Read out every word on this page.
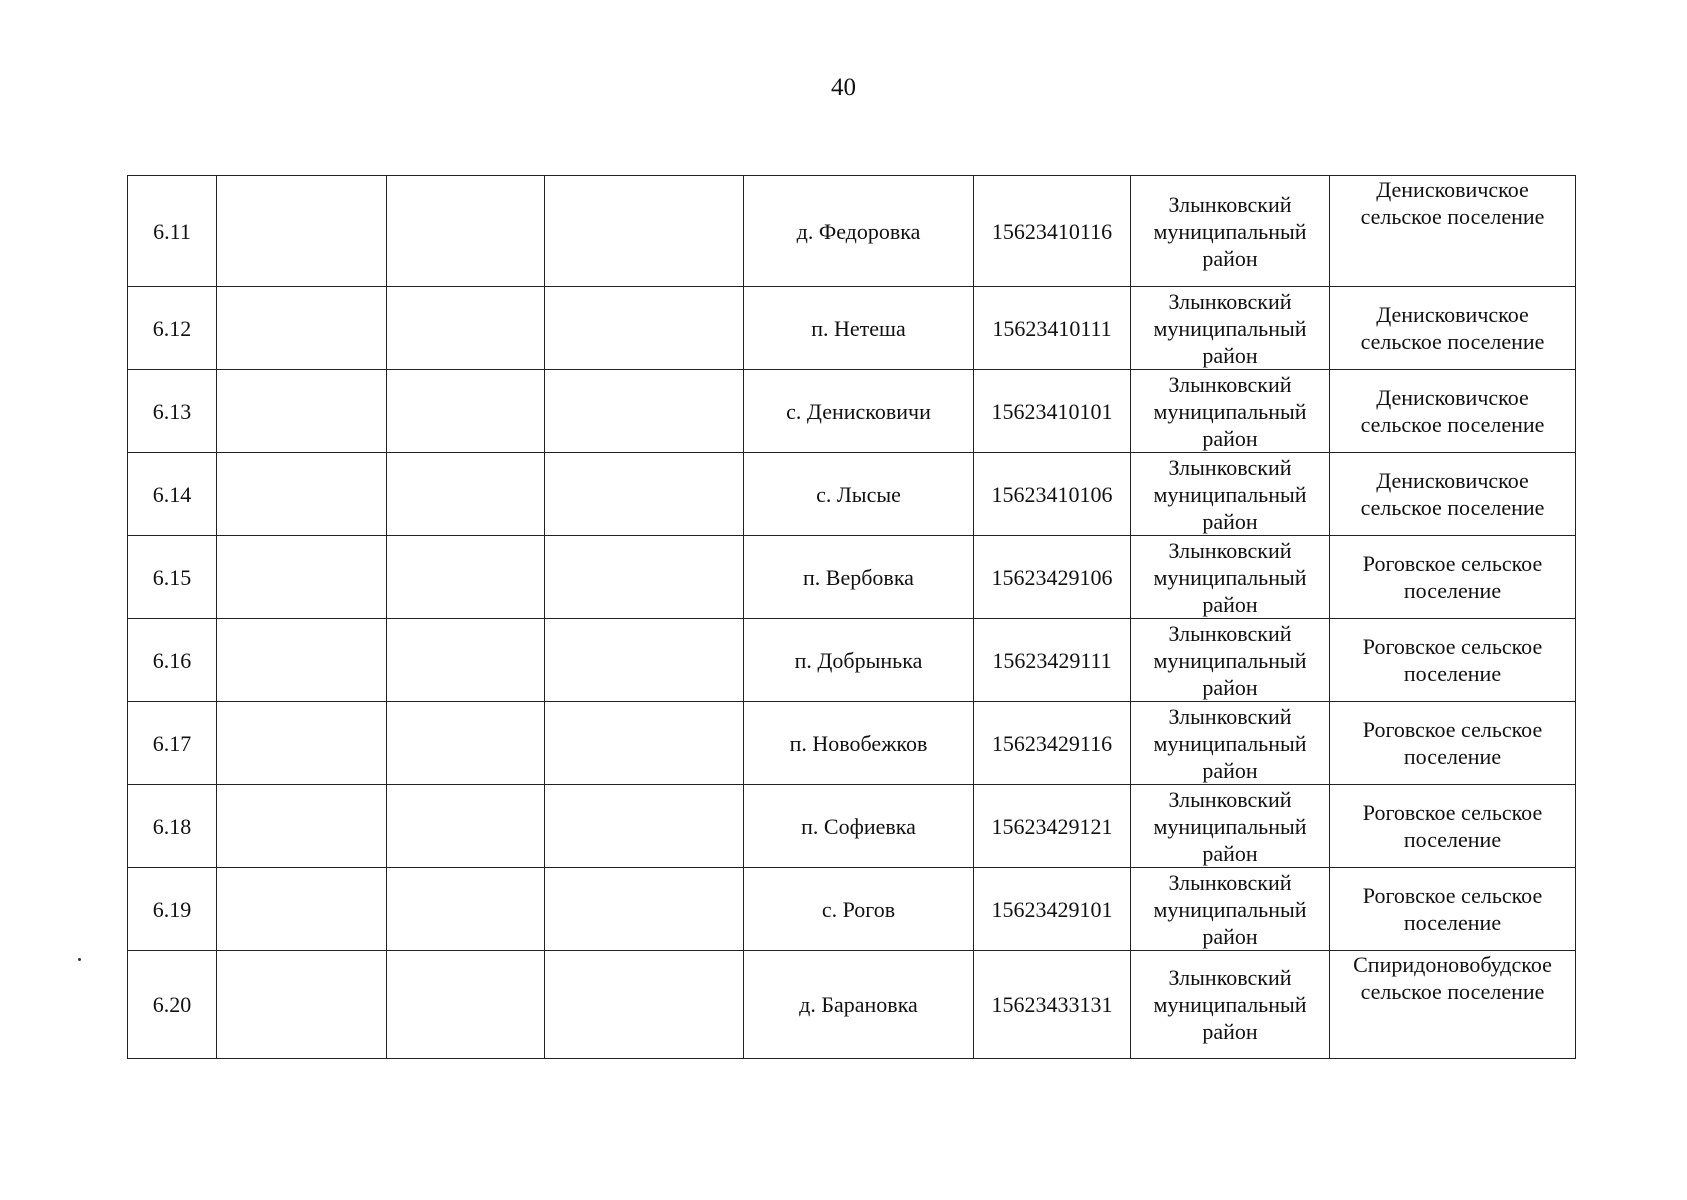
40
6.11				д. Федоровка	15623410116	Злынковский муниципальный район	Денисковичское сельское поселение
6.12				п. Нетеша	15623410111	Злынковский муниципальный район	Денисковичское сельское поселение
6.13				с. Денисковичи	15623410101	Злынковский муниципальный район	Денисковичское сельское поселение
6.14				с. Лысые	15623410106	Злынковский муниципальный район	Денисковичское сельское поселение
6.15				п. Вербовка	15623429106	Злынковский муниципальный район	Роговское сельское поселение
6.16				п. Добрынька	15623429111	Злынковский муниципальный район	Роговское сельское поселение
6.17				п. Новобежков	15623429116	Злынковский муниципальный район	Роговское сельское поселение
6.18				п. Софиевка	15623429121	Злынковский муниципальный район	Роговское сельское поселение
6.19				с. Рогов	15623429101	Злынковский муниципальный район	Роговское сельское поселение
6.20				д. Барановка	15623433131	Злынковский муниципальный район	Спиридоновобудское сельское поселение
